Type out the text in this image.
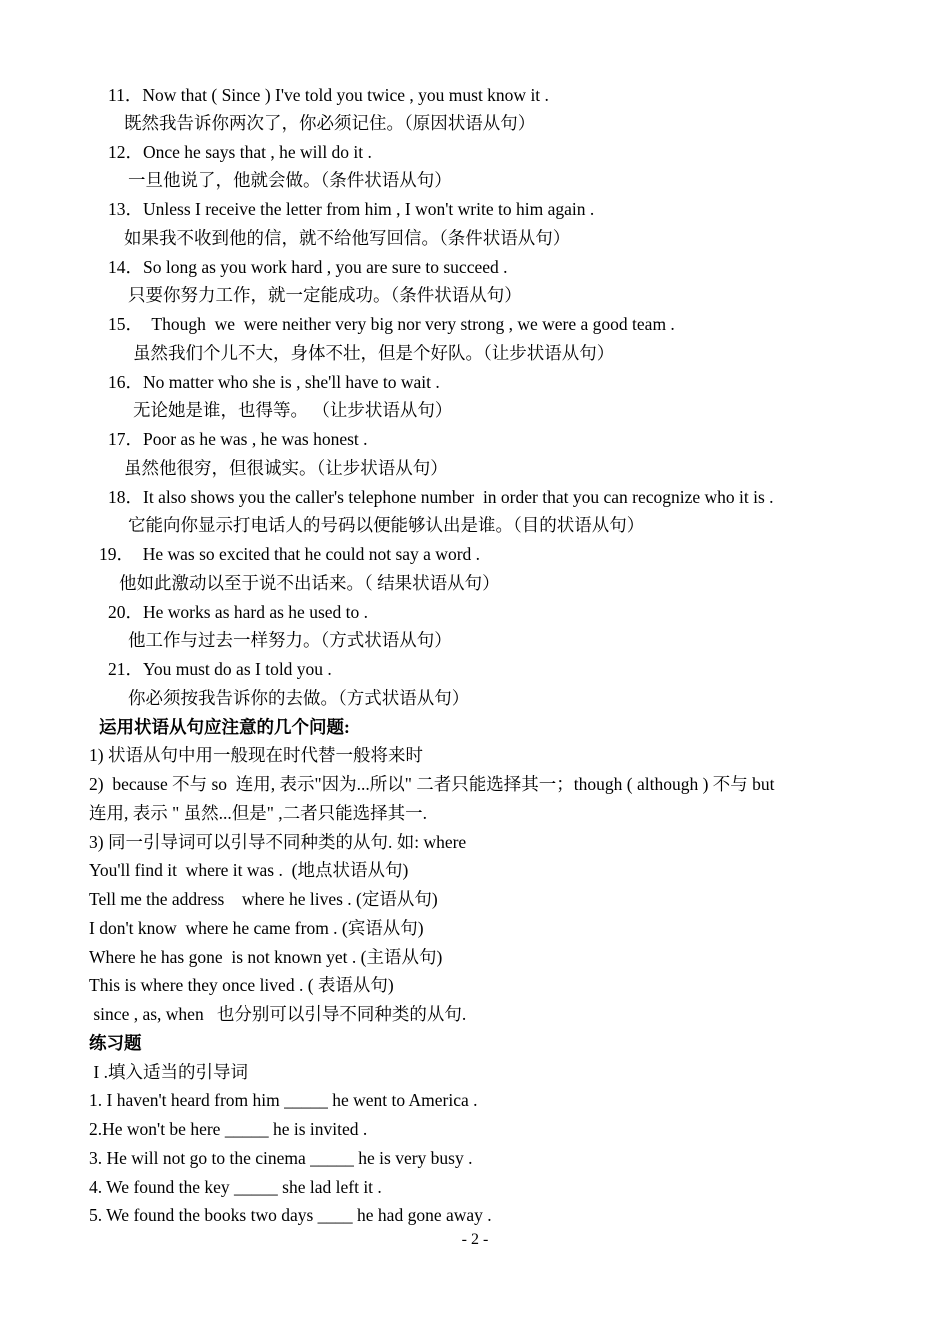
11．Now that ( Since ) I've told you twice , you must know it .
既然我告诉你两次了，你必须记住。（原因状语从句）
12．Once he says that , he will do it .
一旦他说了，他就会做。（条件状语从句）
13．Unless I receive the letter from him , I won't write to him again .
如果我不收到他的信，就不给他写回信。（条件状语从句）
14．So long as you work hard , you are sure to succeed .
只要你努力工作，就一定能成功。（条件状语从句）
15．  Though  we  were neither very big nor very strong , we were a good team .
虽然我们个儿不大，身体不壮，但是个好队。（让步状语从句）
16．No matter who she is , she'll have to wait .
无论她是谁，也得等。 （让步状语从句）
17．Poor as he was , he was honest .
虽然他很穷，但很诚实。（让步状语从句）
18．It also shows you the caller's telephone number  in order that you can recognize who it is .
它能向你显示打电话人的号码以便能够认出是谁。（目的状语从句）
19．  He was so excited that he could not say a word .
他如此激动以至于说不出话来。（ 结果状语从句）
20．He works as hard as he used to .
他工作与过去一样努力。（方式状语从句）
21．You must do as I told you .
你必须按我告诉你的去做。（方式状语从句）
运用状语从句应注意的几个问题:
1) 状语从句中用一般现在时代替一般将来时
2)  because 不与 so  连用, 表示"因为...所以" 二者只能选择其一；though ( although ) 不与 but
连用, 表示 " 虽然...但是" ,二者只能选择其一.
3) 同一引导词可以引导不同种类的从句. 如: where
You'll find it  where it was .  (地点状语从句)
Tell me the address    where he lives . (定语从句)
I don't know  where he came from . (宾语从句)
Where he has gone  is not known yet . (主语从句)
This is where they once lived . ( 表语从句)
since , as, when   也分别可以引导不同种类的从句.
练习题
I .填入适当的引导词
1. I haven't heard from him _____ he went to America .
2.He won't be here _____ he is invited .
3. He will not go to the cinema _____ he is very busy .
4. We found the key _____ she lad left it .
5. We found the books two days ____ he had gone away .
- 2 -
